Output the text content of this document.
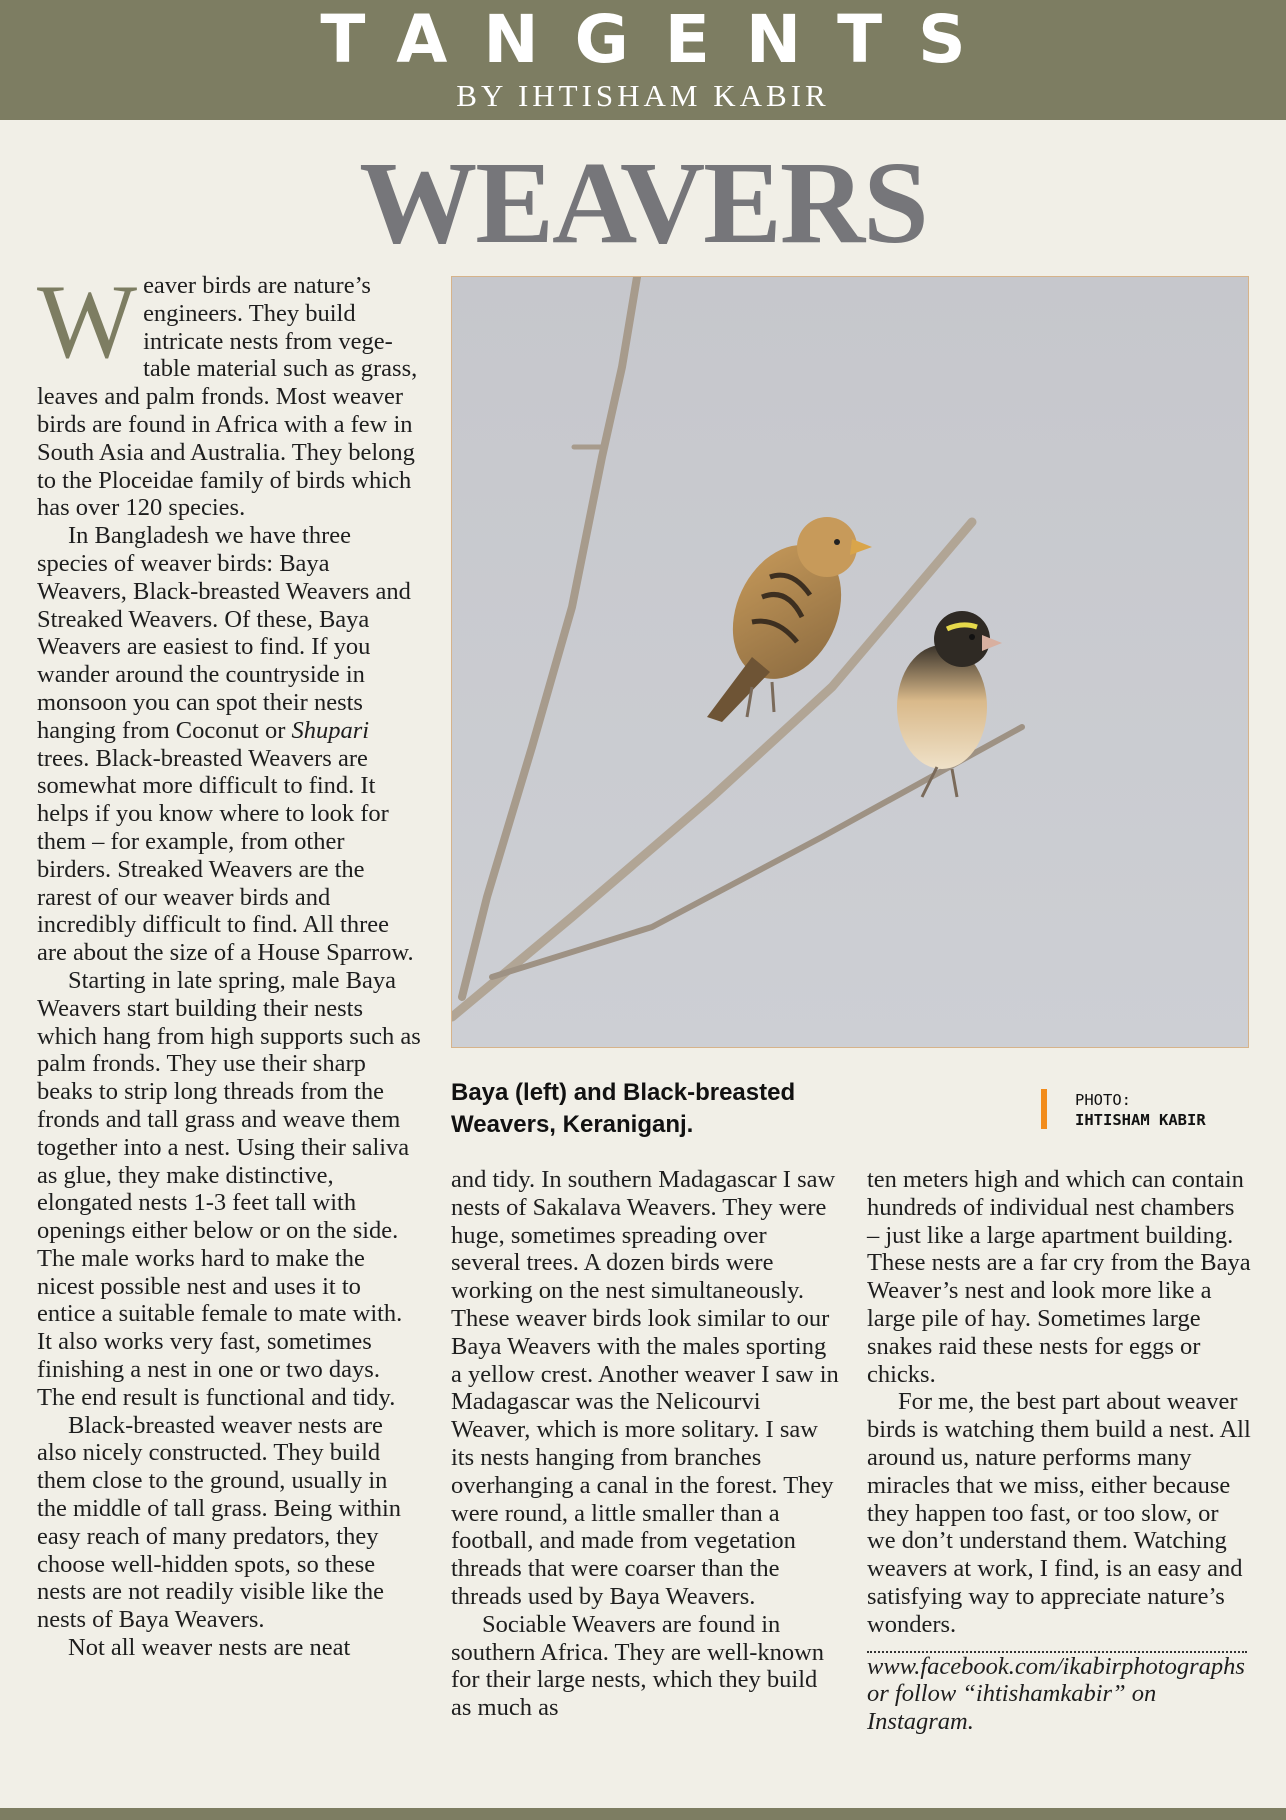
TANGENTS
BY IHTISHAM KABIR
WEAVERS

Weaver birds are nature’s engineers. They build intricate nests from vege-table material such as grass, leaves and palm fronds. Most weaver birds are found in Africa with a few in South Asia and Australia. They belong to the Ploceidae family of birds which has over 120 species.

In Bangladesh we have three species of weaver birds: Baya Weavers, Black-breasted Weavers and Streaked Weavers. Of these, Baya Weavers are easiest to find. If you wander around the countryside in monsoon you can spot their nests hanging from Coconut or Shupari trees. Black-breasted Weavers are somewhat more difficult to find. It helps if you know where to look for them – for example, from other birders. Streaked Weavers are the rarest of our weaver birds and incredibly difficult to find. All three are about the size of a House Sparrow.

Starting in late spring, male Baya Weavers start building their nests which hang from high supports such as palm fronds. They use their sharp beaks to strip long threads from the fronds and tall grass and weave them together into a nest. Using their saliva as glue, they make distinctive, elongated nests 1-3 feet tall with openings either below or on the side. The male works hard to make the nicest possible nest and uses it to entice a suitable female to mate with. It also works very fast, sometimes finishing a nest in one or two days. The end result is functional and tidy.

Black-breasted weaver nests are also nicely constructed. They build them close to the ground, usually in the middle of tall grass. Being within easy reach of many predators, they choose well-hidden spots, so these nests are not readily visible like the nests of Baya Weavers.

Not all weaver nests are neat

Baya (left) and Black-breasted Weavers, Keraniganj.
PHOTO:
IHTISHAM KABIR

and tidy. In southern Madagascar I saw nests of Sakalava Weavers. They were huge, sometimes spreading over several trees. A dozen birds were working on the nest simultaneously. These weaver birds look similar to our Baya Weavers with the males sporting a yellow crest. Another weaver I saw in Madagascar was the Nelicourvi Weaver, which is more solitary. I saw its nests hanging from branches overhanging a canal in the forest. They were round, a little smaller than a football, and made from vegetation threads that were coarser than the threads used by Baya Weavers.

Sociable Weavers are found in southern Africa. They are well-known for their large nests, which they build as much as

ten meters high and which can contain hundreds of individual nest chambers – just like a large apartment building. These nests are a far cry from the Baya Weaver’s nest and look more like a large pile of hay. Sometimes large snakes raid these nests for eggs or chicks.

For me, the best part about weaver birds is watching them build a nest. All around us, nature performs many miracles that we miss, either because they happen too fast, or too slow, or we don’t understand them. Watching weavers at work, I find, is an easy and satisfying way to appreciate nature’s wonders.

www.facebook.com/ikabirphotographs or follow “ihtishamkabir” on Instagram.
